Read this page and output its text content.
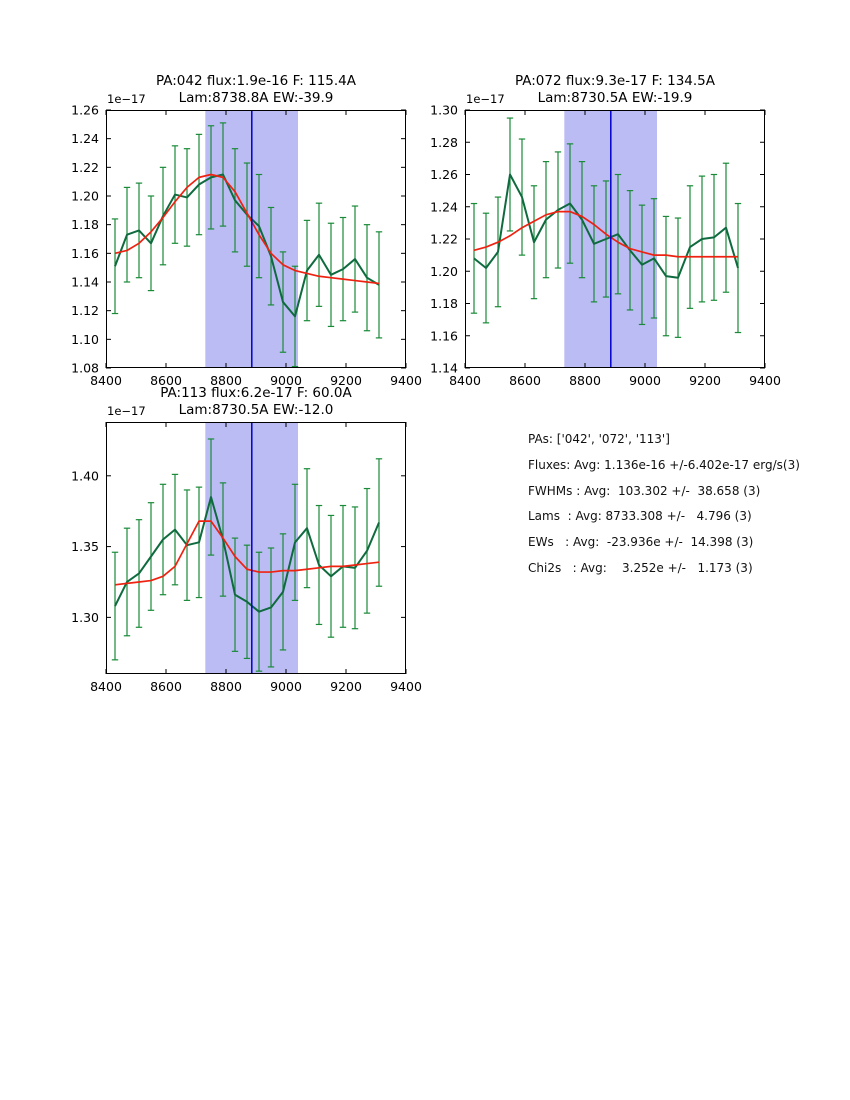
PA:042 flux:1.9e-16 F: 115.4A
Lam:8738.8A EW:-39.9
8400 8600 8800 9000 9200 9400
1.08
1.10
1.12
1.14
1.16
1.18
1.20
1.22
1.24
1.26
1e−17
PA:072 flux:9.3e-17 F: 134.5A
Lam:8730.5A EW:-19.9
8400 8600 8800 9000 9200 9400
1.14
1.16
1.18
1.20
1.22
1.24
1.26
1.28
1.30
1e−17
PA:113 flux:6.2e-17 F: 60.0A
Lam:8730.5A EW:-12.0
8400 8600 8800 9000 9200 9400
1.30
1.35
1.40
1e−17
PAs: ['042', '072', '113']
Fluxes: Avg: 1.136e-16 +/-6.402e-17 erg/s(3)
FWHMs : Avg:  103.302 +/-  38.658 (3)
Lams  : Avg: 8733.308 +/-   4.796 (3)
EWs   : Avg:  -23.936e +/-  14.398 (3)
Chi2s   : Avg:    3.252e +/-   1.173 (3)
